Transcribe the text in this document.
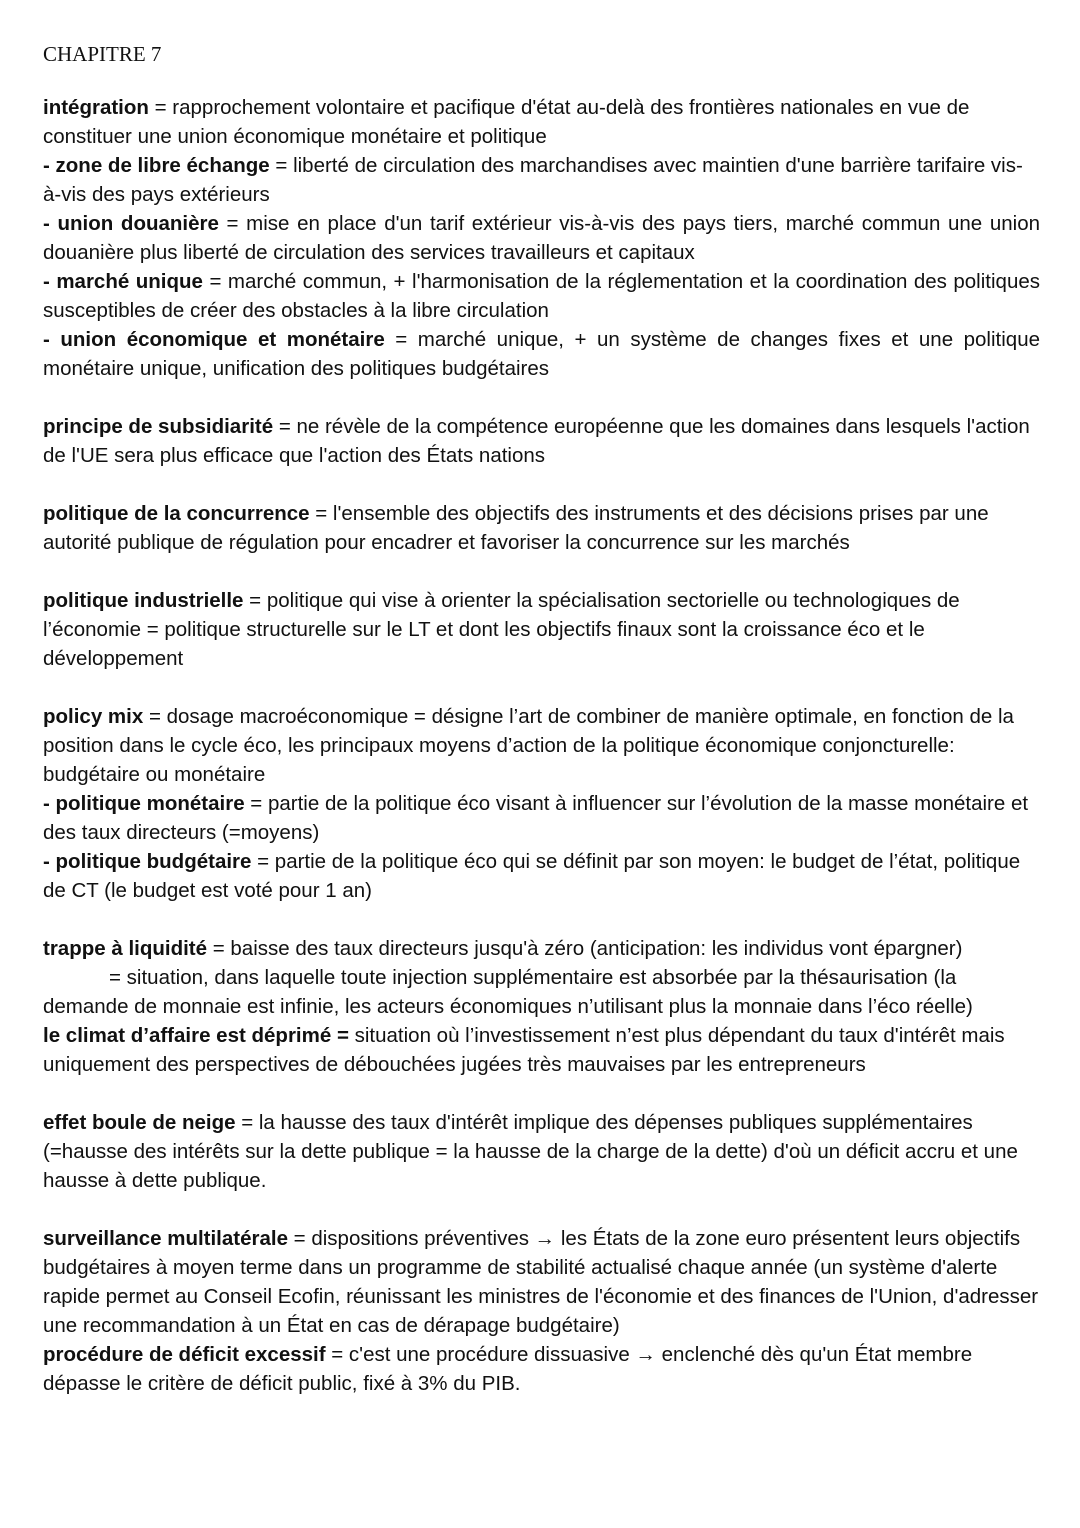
CHAPITRE 7

intégration = rapprochement volontaire et pacifique d'état au-delà des frontières nationales en vue de constituer une union économique monétaire et politique

- zone de libre échange = liberté de circulation des marchandises avec maintien d'une barrière tarifaire vis-à-vis des pays extérieurs

- union douanière = mise en place d'un tarif extérieur vis-à-vis des pays tiers, marché commun une union douanière plus liberté de circulation des services travailleurs et capitaux

- marché unique = marché commun, + l'harmonisation de la réglementation et la coordination des politiques susceptibles de créer des obstacles à la libre circulation

- union économique et monétaire = marché unique, + un système de changes fixes et une politique monétaire unique, unification des politiques budgétaires

principe de subsidiarité = ne révèle de la compétence européenne que les domaines dans lesquels l'action de l'UE sera plus efficace que l'action des États nations

politique de la concurrence = l'ensemble des objectifs des instruments et des décisions prises par une autorité publique de régulation pour encadrer et favoriser la concurrence sur les marchés

politique industrielle = politique qui vise à orienter la spécialisation sectorielle ou technologiques de l’économie = politique structurelle sur le LT et dont les objectifs finaux sont la croissance éco et le développement

policy mix = dosage macroéconomique = désigne l’art de combiner de manière optimale, en fonction de la position dans le cycle éco, les principaux moyens d’action de la politique économique conjoncturelle: budgétaire ou monétaire

- politique monétaire = partie de la politique éco visant à influencer sur l’évolution de la masse monétaire et des taux directeurs (=moyens)

- politique budgétaire = partie de la politique éco qui se définit par son moyen: le budget de l’état, politique de CT (le budget est voté pour 1 an)

trappe à liquidité = baisse des taux directeurs jusqu'à zéro (anticipation: les individus vont épargner)
= situation, dans laquelle toute injection supplémentaire est absorbée par la thésaurisation (la demande de monnaie est infinie, les acteurs économiques n’utilisant plus la monnaie dans l’éco réelle)

le climat d’affaire est déprimé = situation où l’investissement n’est plus dépendant du taux d'intérêt mais uniquement des perspectives de débouchées jugées très mauvaises par les entrepreneurs

effet boule de neige = la hausse des taux d'intérêt implique des dépenses publiques supplémentaires (=hausse des intérêts sur la dette publique = la hausse de la charge de la dette) d'où un déficit accru et une hausse à dette publique.

surveillance multilatérale = dispositions préventives → les États de la zone euro présentent leurs objectifs budgétaires à moyen terme dans un programme de stabilité actualisé chaque année (un système d'alerte rapide permet au Conseil Ecofin, réunissant les ministres de l'économie et des finances de l'Union, d'adresser une recommandation à un État en cas de dérapage budgétaire)

procédure de déficit excessif = c'est une procédure dissuasive → enclenché dès qu'un État membre dépasse le critère de déficit public, fixé à 3% du PIB.
